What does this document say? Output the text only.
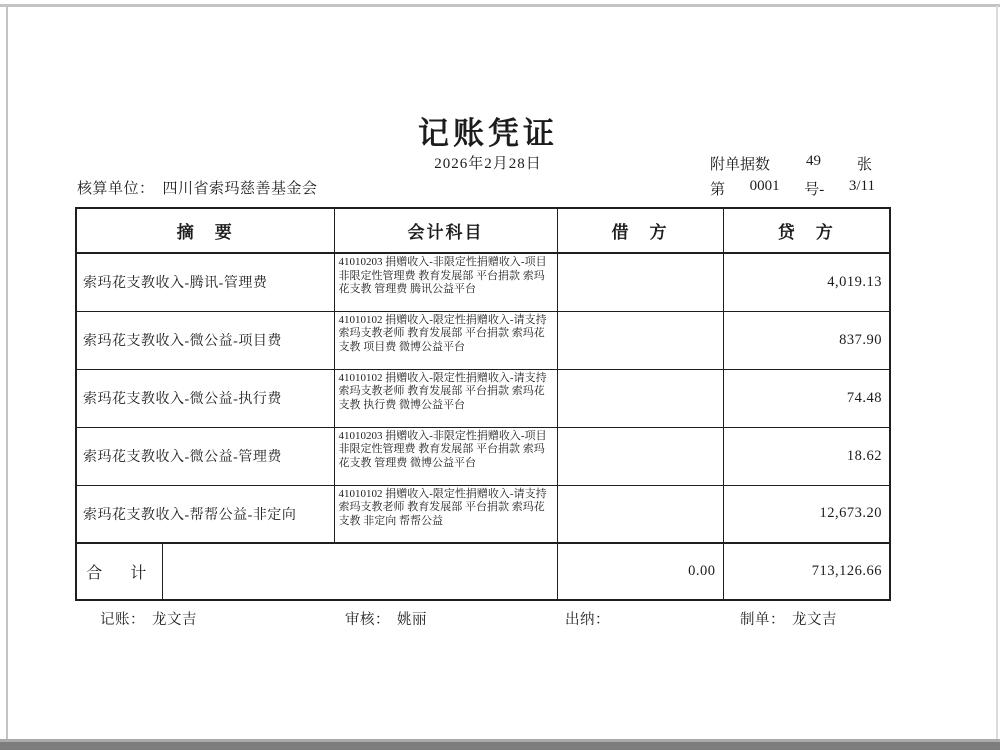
记账凭证
2026年2月28日	附单据数 49 张
核算单位： 四川省索玛慈善基金会	第 0001 号- 3/11
摘　要		会计科目	借　方	贷　方
索玛花支教收入-腾讯-管理费		41010203 捐赠收入-非限定性捐赠收入-项目非限定性管理费 教育发展部 平台捐款 索玛花支教 管理费 腾讯公益平台		4,019.13
索玛花支教收入-微公益-项目费		41010102 捐赠收入-限定性捐赠收入-请支持索玛支教老师 教育发展部 平台捐款 索玛花支教 项目费 微博公益平台		837.90
索玛花支教收入-微公益-执行费		41010102 捐赠收入-限定性捐赠收入-请支持索玛支教老师 教育发展部 平台捐款 索玛花支教 执行费 微博公益平台		74.48
索玛花支教收入-微公益-管理费		41010203 捐赠收入-非限定性捐赠收入-项目非限定性管理费 教育发展部 平台捐款 索玛花支教 管理费 微博公益平台		18.62
索玛花支教收入-帮帮公益-非定向		41010102 捐赠收入-限定性捐赠收入-请支持索玛支教老师 教育发展部 平台捐款 索玛花支教 非定向 帮帮公益		12,673.20
合　计			0.00	713,126.66
记账： 龙文吉	审核： 姚丽	出纳：	制单： 龙文吉
